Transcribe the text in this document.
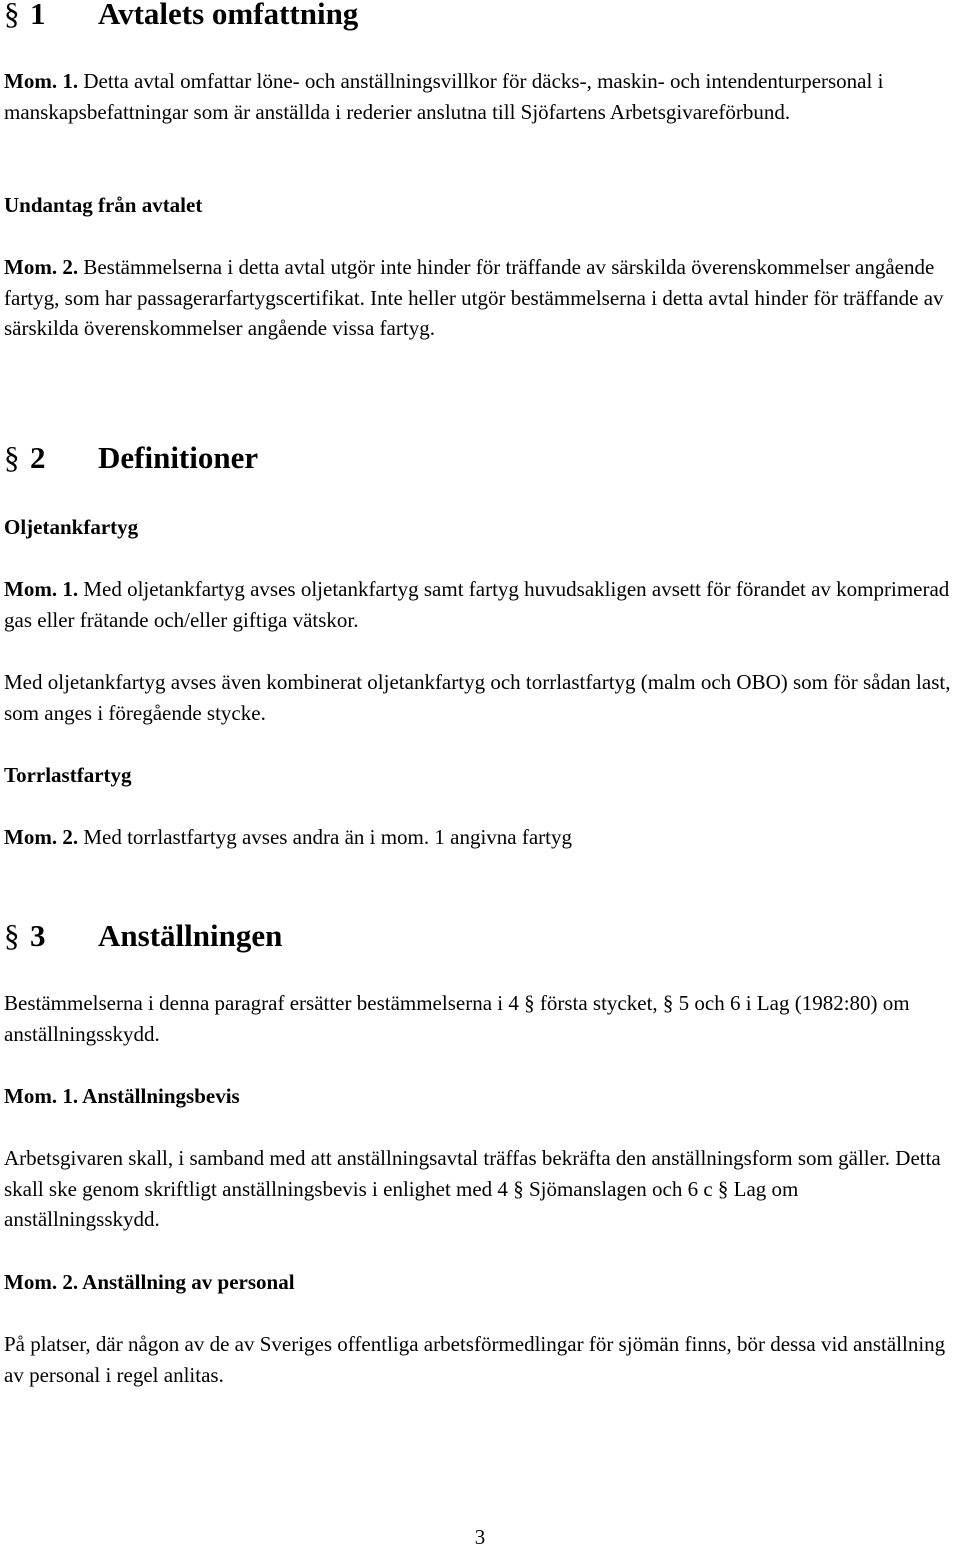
§ 1 Avtalets omfattning

Mom. 1. Detta avtal omfattar löne- och anställningsvillkor för däcks-, maskin- och intendenturpersonal i manskapsbefattningar som är anställda i rederier anslutna till Sjöfartens Arbetsgivareförbund.

Undantag från avtalet

Mom. 2. Bestämmelserna i detta avtal utgör inte hinder för träffande av särskilda överenskommelser angående fartyg, som har passagerarfartygscertifikat. Inte heller utgör bestämmelserna i detta avtal hinder för träffande av särskilda överenskommelser angående vissa fartyg.

§ 2 Definitioner
Oljetankfartyg

Mom. 1. Med oljetankfartyg avses oljetankfartyg samt fartyg huvudsakligen avsett för förandet av komprimerad gas eller frätande och/eller giftiga vätskor.

Med oljetankfartyg avses även kombinerat oljetankfartyg och torrlastfartyg (malm och OBO) som för sådan last, som anges i föregående stycke.

Torrlastfartyg

Mom. 2. Med torrlastfartyg avses andra än i mom. 1 angivna fartyg

§ 3 Anställningen

Bestämmelserna i denna paragraf ersätter bestämmelserna i 4 § första stycket, § 5 och 6 i Lag (1982:80) om anställningsskydd.

Mom. 1. Anställningsbevis

Arbetsgivaren skall, i samband med att anställningsavtal träffas bekräfta den anställningsform som gäller. Detta skall ske genom skriftligt anställningsbevis i enlighet med 4 § Sjömanslagen och 6 c § Lag om anställningsskydd.

Mom. 2. Anställning av personal

På platser, där någon av de av Sveriges offentliga arbetsförmedlingar för sjömän finns, bör dessa vid anställning av personal i regel anlitas.

3
